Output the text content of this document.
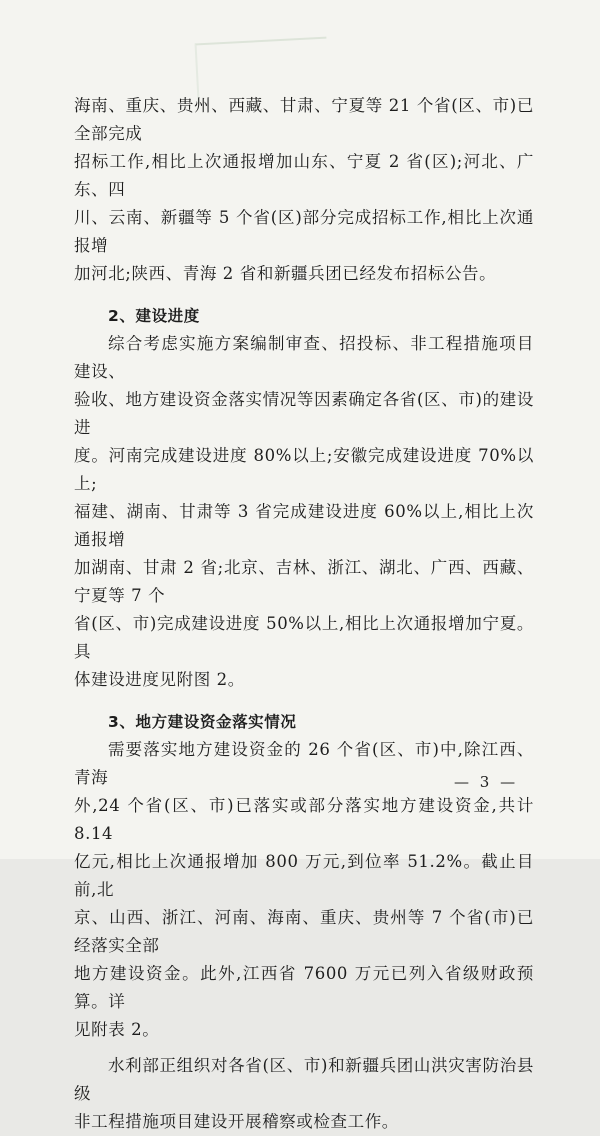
海南、重庆、贵州、西藏、甘肃、宁夏等 21 个省(区、市)已全部完成
招标工作,相比上次通报增加山东、宁夏 2 省(区);河北、广东、四
川、云南、新疆等 5 个省(区)部分完成招标工作,相比上次通报增
加河北;陕西、青海 2 省和新疆兵团已经发布招标公告。

2、建设进度

综合考虑实施方案编制审查、招投标、非工程措施项目建设、
验收、地方建设资金落实情况等因素确定各省(区、市)的建设进
度。河南完成建设进度 80%以上;安徽完成建设进度 70%以上;
福建、湖南、甘肃等 3 省完成建设进度 60%以上,相比上次通报增
加湖南、甘肃 2 省;北京、吉林、浙江、湖北、广西、西藏、宁夏等 7 个
省(区、市)完成建设进度 50%以上,相比上次通报增加宁夏。具
体建设进度见附图 2。

3、地方建设资金落实情况

需要落实地方建设资金的 26 个省(区、市)中,除江西、青海
外,24 个省(区、市)已落实或部分落实地方建设资金,共计 8.14
亿元,相比上次通报增加 800 万元,到位率 51.2%。截止目前,北
京、山西、浙江、河南、海南、重庆、贵州等 7 个省(市)已经落实全部
地方建设资金。此外,江西省 7600 万元已列入省级财政预算。详
见附表 2。

水利部正组织对各省(区、市)和新疆兵团山洪灾害防治县级
非工程措施项目建设开展稽察或检查工作。

— 3 —
